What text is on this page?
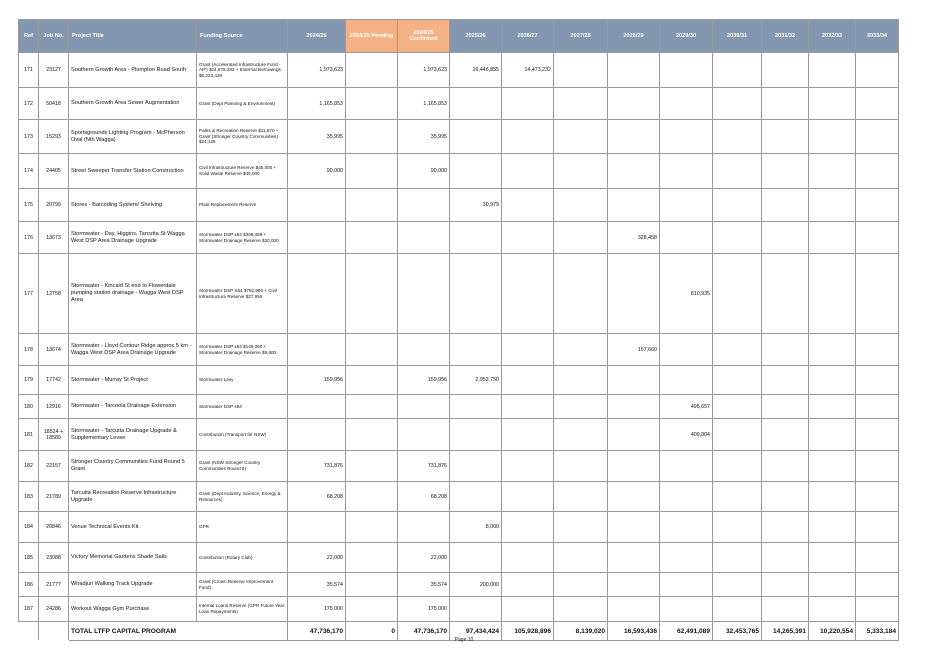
Ref	Job No.	Project Title	Funding Source	2024/25	2024/25 Pending	2024/25 Confirmed	2025/26	2026/27	2027/28	2028/29	2029/30	2030/31	2031/32	2032/33	2033/34
171	23127	Southern Growth Area - Plumpton Road South	Grant (Accelerated Infrastructure Fund - AIF) $24,678,282 + External Borrowings $8,223,428	1,973,623		1,973,623	16,446,855	14,473,232							
172	50418	Southern Growth Area Sewer Augmentation	Grant (Dept Planning & Environment)	1,165,853		1,165,853									
173	15293	Sportsgrounds Lighting Program - McPherson Oval (Nth Wagga)	Parks & Recreation Reserve $11,870 + Grant (Stronger Country Communities) $24,125	35,995		35,995									
174	24405	Street Sweeper Transfer Station Construction	Civil Infrastructure Reserve $45,000 + Solid Waste Reserve $45,000	90,000		90,000									
175	20799	Stores - Barcoding System/ Shelving	Plant Replacement Reserve				30,979								
176	13673	Stormwater - Day, Higgins, Tarcutta St Wagga West DSP Area Drainage Upgrade	Stormwater DSP s64 $308,458 + Stormwater Drainage Reserve $20,000							328,458					
177	12758	Stormwater - Kincaid St end to Flowerdale pumping station drainage - Wagga West DSP Area	Stormwater DSP S64 $782,980 + Civil Infrastructure Reserve $27,955								810,935				
178	13674	Stormwater - Lloyd Contour Ridge approx 5 km - Wagga West DSP Area Drainage Upgrade	Stormwater DSP s64 $148,060 + Stormwater Drainage Reserve $9,600							157,660					
179	17742	Stormwater - Murray St Project	Stormwater Levy	159,956		159,956	2,952,750								
180	12916	Stormwater - Tarcoola Drainage Extension	Stormwater DSP s64								495,657				
181	18524 + 18589	Stormwater - Tarcutta Drainage Upgrade & Supplementary Levee	Contribution (Transport for NSW)								409,804				
182	22157	Stronger Country Communities Fund Round 5 Grant	Grant (NSW Stronger Country Communities Round 5)	731,876		731,876									
183	21789	Tarcutta Recreation Reserve Infrastructure Upgrade	Grant (Dept Industry, Science, Energy & Resources)	68,208		68,208									
184	20846	Venue Technical Events Kit	GPR				8,000								
185	23088	Victory Memorial Gardens Shade Sails	Contribution (Rotary Club)	22,000		22,000									
186	21777	Wiradjuri Walking Track Upgrade	Grant (Crown Reserve Improvement Fund)	35,574		35,574	200,000								
187	24286	Workout Wagga Gym Purchase	Internal Loans Reserve (GPR Future Year Loan Repayments)	175,000		175,000									
		TOTAL LTFP CAPITAL PROGRAM		47,736,170	0	47,736,170	97,434,424	105,928,896	8,139,020	16,593,436	62,491,089	32,453,765	14,265,391	10,220,554	5,333,184
Page 10
